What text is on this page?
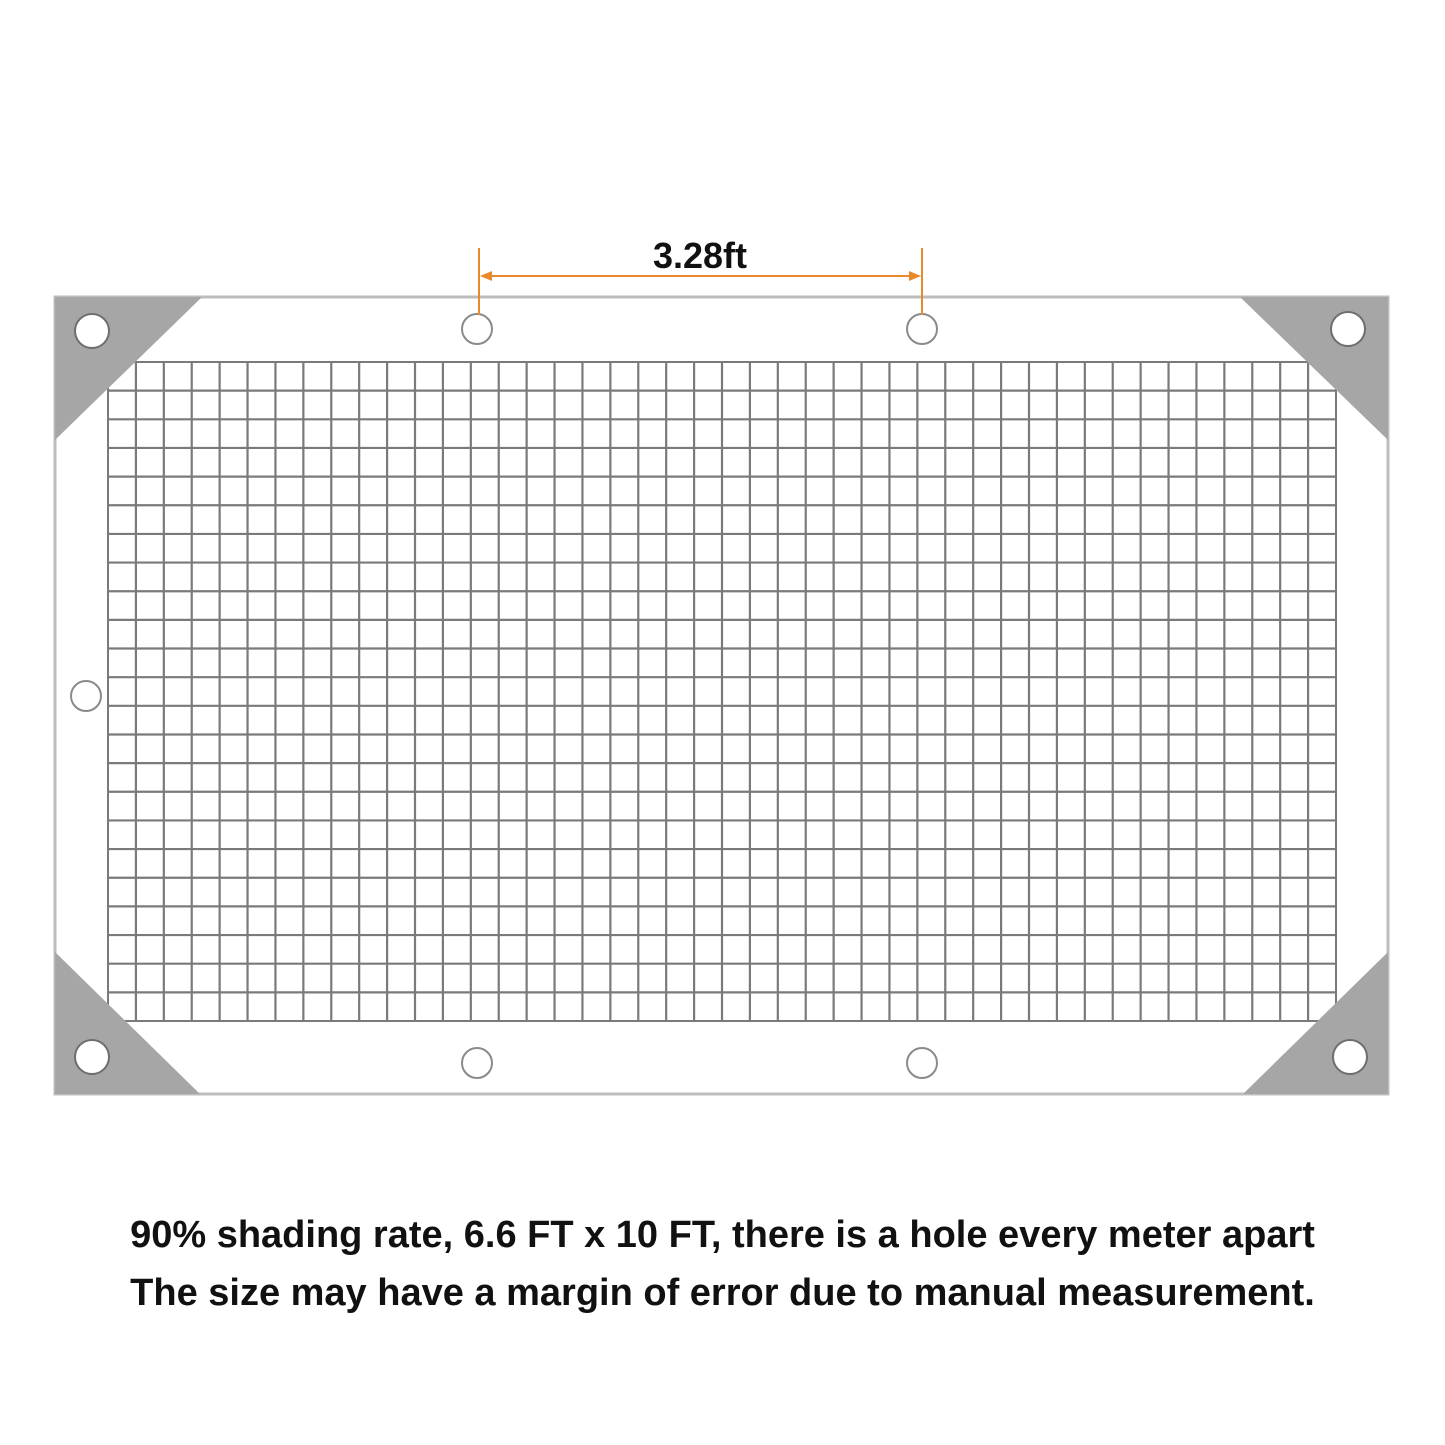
3.28ft
90% shading rate, 6.6 FT x 10 FT, there is a hole every meter apart
The size may have a margin of error due to manual measurement.
